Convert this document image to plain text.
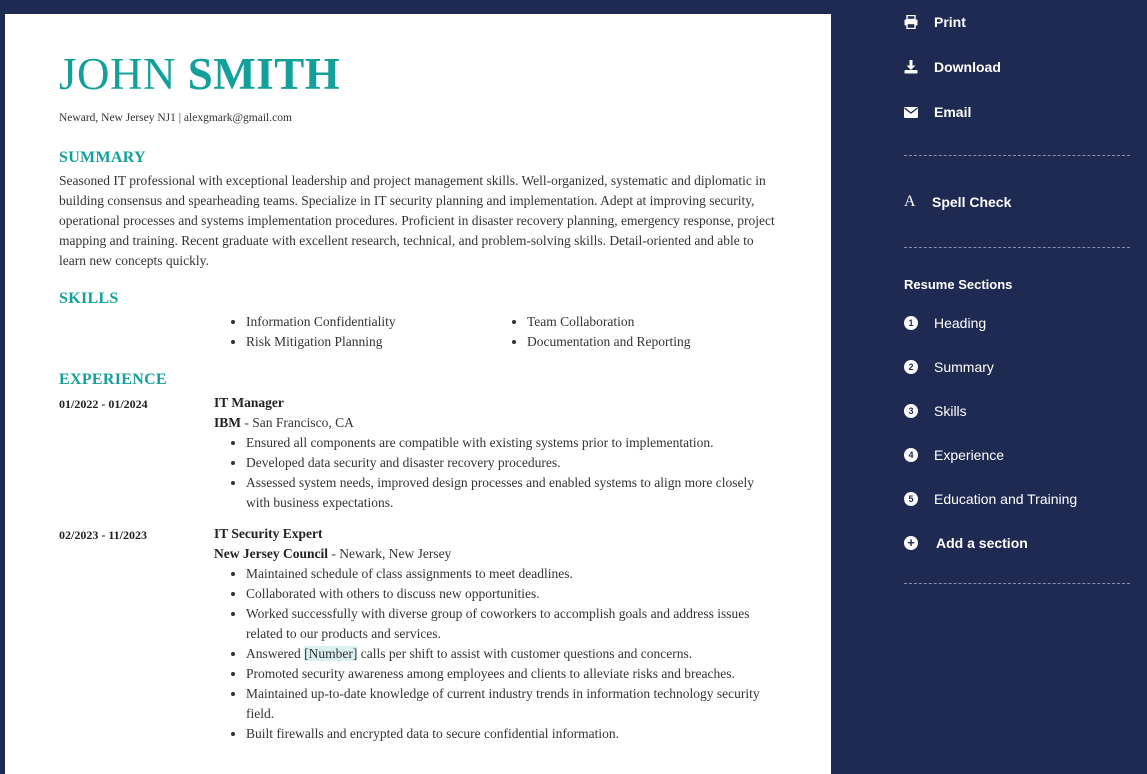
JOHN SMITH
Neward, New Jersey NJ1 | alexgmark@gmail.com
SUMMARY
Seasoned IT professional with exceptional leadership and project management skills. Well-organized, systematic and diplomatic in building consensus and spearheading teams. Specialize in IT security planning and implementation. Adept at improving security, operational processes and systems implementation procedures. Proficient in disaster recovery planning, emergency response, project mapping and training. Recent graduate with excellent research, technical, and problem-solving skills. Detail-oriented and able to learn new concepts quickly.
SKILLS
• Information Confidentiality
• Risk Mitigation Planning
• Team Collaboration
• Documentation and Reporting
EXPERIENCE
01/2022 - 01/2024	IT Manager
IBM - San Francisco, CA
• Ensured all components are compatible with existing systems prior to implementation.
• Developed data security and disaster recovery procedures.
• Assessed system needs, improved design processes and enabled systems to align more closely with business expectations.
02/2023 - 11/2023	IT Security Expert
New Jersey Council - Newark, New Jersey
• Maintained schedule of class assignments to meet deadlines.
• Collaborated with others to discuss new opportunities.
• Worked successfully with diverse group of coworkers to accomplish goals and address issues related to our products and services.
• Answered [Number] calls per shift to assist with customer questions and concerns.
• Promoted security awareness among employees and clients to alleviate risks and breaches.
• Maintained up-to-date knowledge of current industry trends in information technology security field.
• Built firewalls and encrypted data to secure confidential information.
Print
Download
Email
A	Spell Check
Resume Sections
1	Heading
2	Summary
3	Skills
4	Experience
5	Education and Training
+ Add a section
